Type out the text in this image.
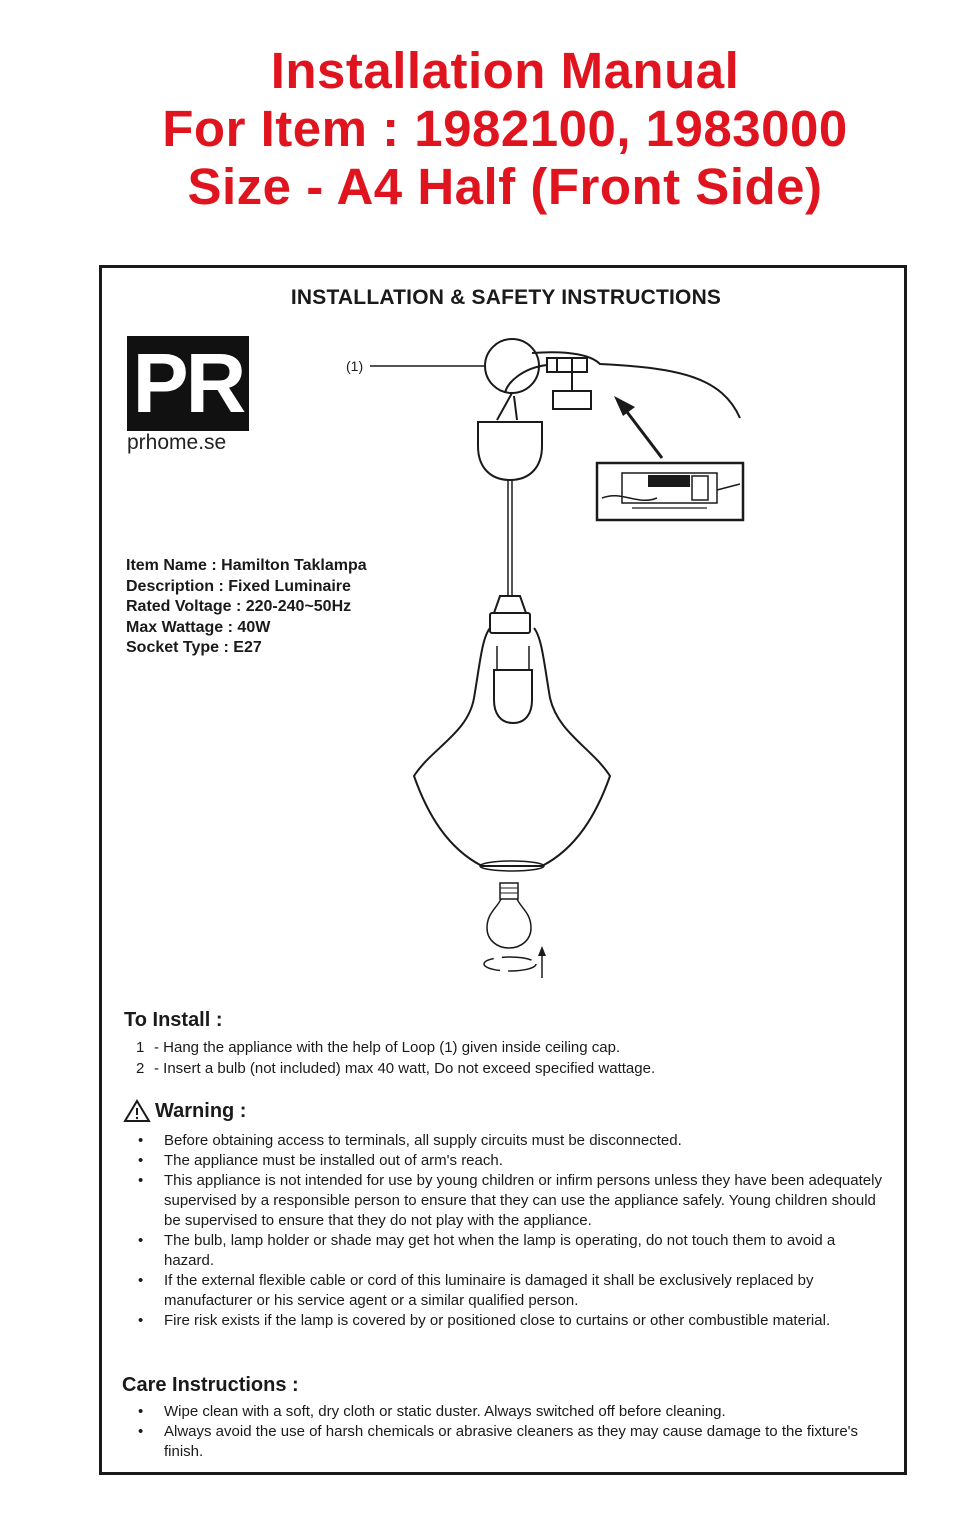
Installation Manual
For Item : 1982100, 1983000
Size - A4 Half (Front Side)
INSTALLATION & SAFETY INSTRUCTIONS
PR
prhome.se
Item Name : Hamilton Taklampa
Description : Fixed Luminaire
Rated Voltage : 220-240~50Hz
Max Wattage : 40W
Socket Type : E27
(1)
To Install :
1 - Hang the appliance with the help of Loop (1) given inside ceiling cap.
2 - Insert a bulb (not included) max 40 watt, Do not exceed specified wattage.
Warning :
• Before obtaining access to terminals, all supply circuits must be disconnected.
• The appliance must be installed out of arm's reach.
• This appliance is not intended for use by young children or infirm persons unless they have been adequately supervised by a responsible person to ensure that they can use the appliance safely. Young children should be supervised to ensure that they do not play with the appliance.
• The bulb, lamp holder or shade may get hot when the lamp is operating, do not touch them to avoid a hazard.
• If the external flexible cable or cord of this luminaire is damaged it shall be exclusively replaced by manufacturer or his service agent or a similar qualified person.
• Fire risk exists if the lamp is covered by or positioned close to curtains or other combustible material.
Care Instructions :
• Wipe clean with a soft, dry cloth or static duster. Always switched off before cleaning.
• Always avoid the use of harsh chemicals or abrasive cleaners as they may cause damage to the fixture's finish.
